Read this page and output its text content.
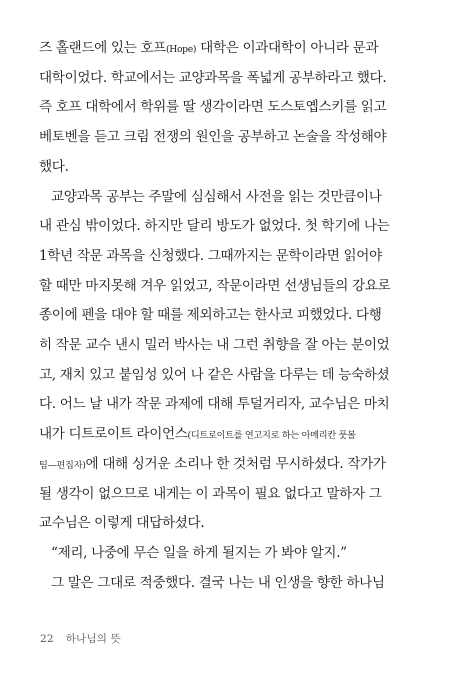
즈 홀랜드에 있는 호프(Hope) 대학은 이과대학이 아니라 문과
대학이었다. 학교에서는 교양과목을 폭넓게 공부하라고 했다.
즉 호프 대학에서 학위를 딸 생각이라면 도스토옙스키를 읽고
베토벤을 듣고 크림 전쟁의 원인을 공부하고 논술을 작성해야
했다.
교양과목 공부는 주말에 심심해서 사전을 읽는 것만큼이나
내 관심 밖이었다. 하지만 달리 방도가 없었다. 첫 학기에 나는
1학년 작문 과목을 신청했다. 그때까지는 문학이라면 읽어야
할 때만 마지못해 겨우 읽었고, 작문이라면 선생님들의 강요로
종이에 펜을 대야 할 때를 제외하고는 한사코 피했었다. 다행
히 작문 교수 낸시 밀러 박사는 내 그런 취향을 잘 아는 분이었
고, 재치 있고 붙임성 있어 나 같은 사람을 다루는 데 능숙하셨
다. 어느 날 내가 작문 과제에 대해 투덜거리자, 교수님은 마치
내가 디트로이트 라이언스(디트로이트를 연고지로 하는 아메리칸 풋볼
팀—편집자)에 대해 싱거운 소리나 한 것처럼 무시하셨다. 작가가
될 생각이 없으므로 내게는 이 과목이 필요 없다고 말하자 그
교수님은 이렇게 대답하셨다.
“제리, 나중에 무슨 일을 하게 될지는 가 봐야 알지.”
그 말은 그대로 적중했다. 결국 나는 내 인생을 향한 하나님
22 하나님의 뜻
